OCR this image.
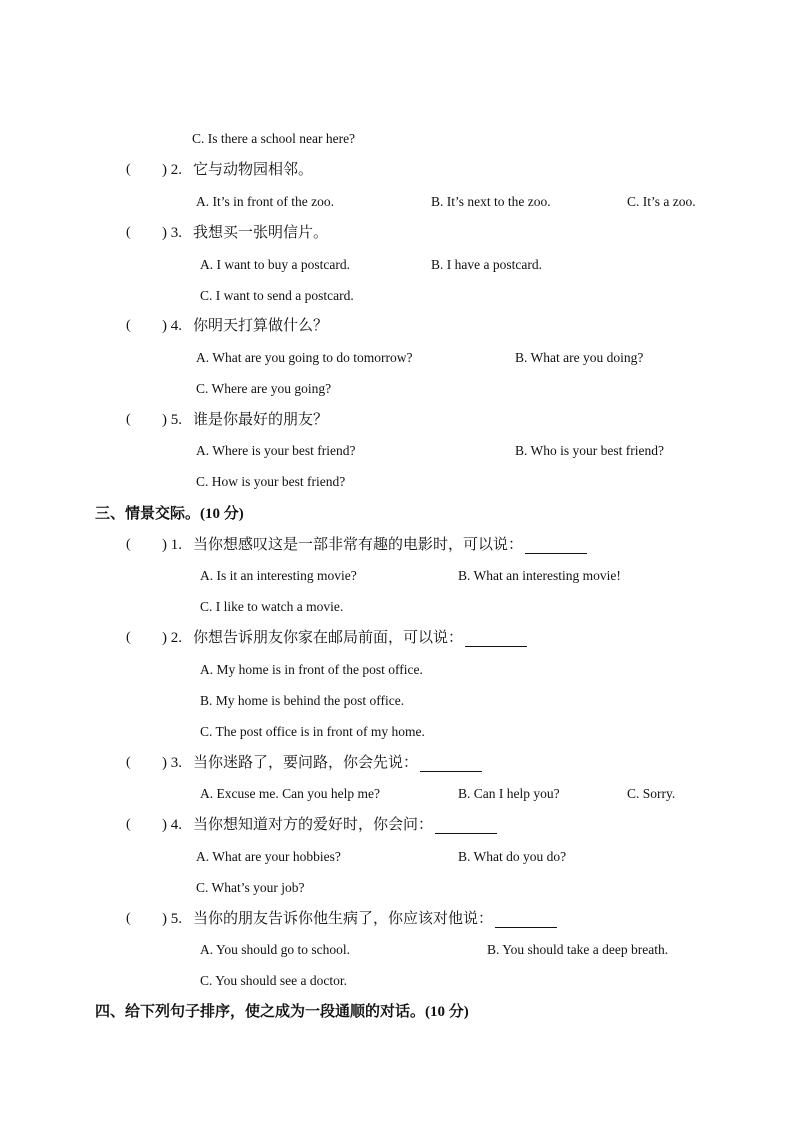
C. Is there a school near here?
( ) 2. 它与动物园相邻。
A. It’s in front of the zoo.	B. It’s next to the zoo.	C. It’s a zoo.
( ) 3. 我想买一张明信片。
A. I want to buy a postcard.	B. I have a postcard.
C. I want to send a postcard.
( ) 4. 你明天打算做什么？
A. What are you going to do tomorrow?	B. What are you doing?
C. Where are you going?
( ) 5. 谁是你最好的朋友？
A. Where is your best friend?	B. Who is your best friend?
C. How is your best friend?
三、情景交际。(10 分)
( ) 1. 当你想感叹这是一部非常有趣的电影时，可以说：
A. Is it an interesting movie?	B. What an interesting movie!
C. I like to watch a movie.
( ) 2. 你想告诉朋友你家在邮局前面，可以说：
A. My home is in front of the post office.
B. My home is behind the post office.
C. The post office is in front of my home.
( ) 3. 当你迷路了，要问路，你会先说：
A. Excuse me. Can you help me?	B. Can I help you?	C. Sorry.
( ) 4. 当你想知道对方的爱好时，你会问：
A. What are your hobbies?	B. What do you do?
C. What’s your job?
( ) 5. 当你的朋友告诉你他生病了，你应该对他说：
A. You should go to school.	B. You should take a deep breath.
C. You should see a doctor.
四、给下列句子排序，使之成为一段通顺的对话。(10 分)
